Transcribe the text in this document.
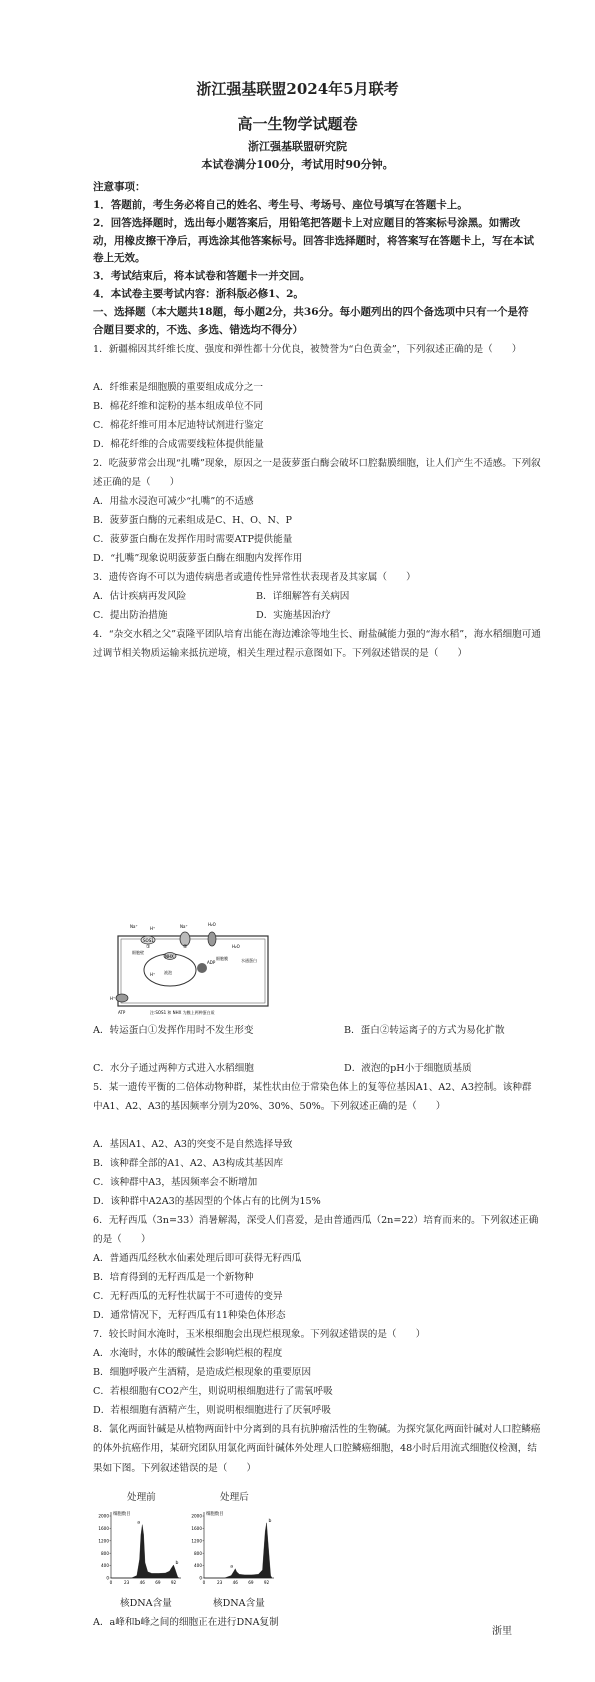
浙江强基联盟2024年5月联考
高一生物学试题卷
浙江强基联盟研究院
本试卷满分100分，考试用时90分钟。
注意事项：
1．答题前，考生务必将自己的姓名、考生号、考场号、座位号填写在答题卡上。
2．回答选择题时，选出每小题答案后，用铅笔把答题卡上对应题目的答案标号涂黑。如需改动，用橡皮擦干净后，再选涂其他答案标号。回答非选择题时，将答案写在答题卡上，写在本试卷上无效。
3．考试结束后，将本试卷和答题卡一并交回。
4．本试卷主要考试内容：浙科版必修1、2。
一、选择题（本大题共18题，每小题2分，共36分。每小题列出的四个备选项中只有一个是符合题目要求的，不选、多选、错选均不得分）
1．新疆棉因其纤维长度、强度和弹性都十分优良，被赞誉为“白色黄金”，下列叙述正确的是（　　）
A．纤维素是细胞膜的重要组成成分之一
B．棉花纤维和淀粉的基本组成单位不同
C．棉花纤维可用本尼迪特试剂进行鉴定
D．棉花纤维的合成需要线粒体提供能量
2．吃菠萝常会出现“扎嘴”现象，原因之一是菠萝蛋白酶会破坏口腔黏膜细胞，让人们产生不适感。下列叙述正确的是（　　）
A．用盐水浸泡可减少“扎嘴”的不适感
B．菠萝蛋白酶的元素组成是C、H、O、N、P
C．菠萝蛋白酶在发挥作用时需要ATP提供能量
D．“扎嘴”现象说明菠萝蛋白酶在细胞内发挥作用
3．遗传咨询不可以为遗传病患者或遗传性异常性状表现者及其家属（　　）
A．估计疾病再发风险	B．详细解答有关病因
C．提出防治措施	D．实施基因治疗
4．“杂交水稻之父”袁隆平团队培育出能在海边滩涂等地生长、耐盐碱能力强的“海水稻”，海水稻细胞可通过调节相关物质运输来抵抗逆境，相关生理过程示意图如下。下列叙述错误的是（　　）
SOS1
NHX
ADP
Na⁺	Na⁺	H₂O
H₂O
H⁺
H⁺
H⁺
①	②
细胞壁
细胞膜
液泡
水通蛋白
ATP	注:SOS1 和 NHX 为膜上两种蛋白质
A．转运蛋白①发挥作用时不发生形变	B．蛋白②转运离子的方式为易化扩散
C．水分子通过两种方式进入水稻细胞	D．液泡的pH小于细胞质基质
5．某一遗传平衡的二倍体动物种群，某性状由位于常染色体上的复等位基因A1、A2、A3控制。该种群中A1、A2、A3的基因频率分别为20%、30%、50%。下列叙述正确的是（　　）
A．基因A1、A2、A3的突变不是自然选择导致
B．该种群全部的A1、A2、A3构成其基因库
C．该种群中A3，基因频率会不断增加
D．该种群中A2A3的基因型的个体占有的比例为15%
6．无籽西瓜（3n=33）消暑解渴，深受人们喜爱，是由普通西瓜（2n=22）培育而来的。下列叙述正确的是（　　）
A．普通西瓜经秋水仙素处理后即可获得无籽西瓜
B．培育得到的无籽西瓜是一个新物种
C．无籽西瓜的无籽性状属于不可遗传的变异
D．通常情况下，无籽西瓜有11种染色体形态
7．较长时间水淹时，玉米根细胞会出现烂根现象。下列叙述错误的是（　　）
A．水淹时，水体的酸碱性会影响烂根的程度
B．细胞呼吸产生酒精，是造成烂根现象的重要原因
C．若根细胞有CO2产生，则说明根细胞进行了需氧呼吸
D．若根细胞有酒精产生，则说明根细胞进行了厌氧呼吸
8．氯化两面针碱是从植物两面针中分离到的具有抗肿瘤活性的生物碱。为探究氯化两面针碱对人口腔鳞癌的体外抗癌作用，某研究团队用氯化两面针碱体外处理人口腔鳞癌细胞，48小时后用流式细胞仪检测，结果如下图。下列叙述错误的是（　　）
处理前	处理后
0
400
800
1200
1600
2000
0	23 46 69 92
细胞数目
a
b
0
400
800
1200
1600
2000
0	23 46 69 92
细胞数目
a
b
核DNA含量	核DNA含量
A．a峰和b峰之间的细胞正在进行DNA复制
浙里
